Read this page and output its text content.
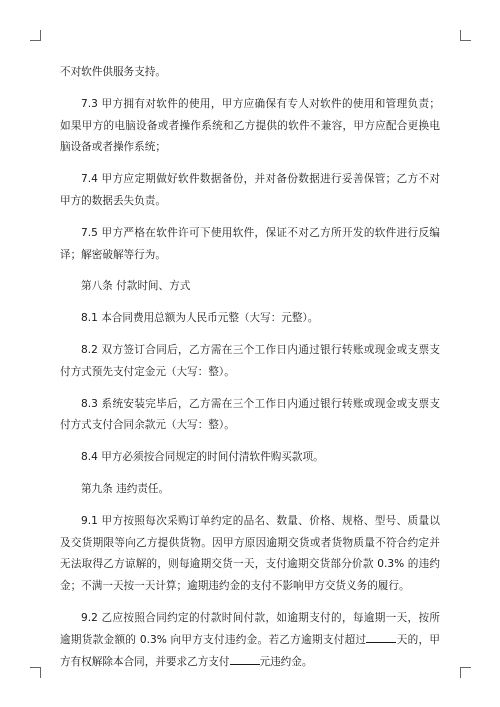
不对软件供服务支持。

7.3 甲方拥有对软件的使用，甲方应确保有专人对软件的使用和管理负责；如果甲方的电脑设备或者操作系统和乙方提供的软件不兼容，甲方应配合更换电脑设备或者操作系统；

7.4 甲方应定期做好软件数据备份，并对备份数据进行妥善保管；乙方不对甲方的数据丢失负责。

7.5 甲方严格在软件许可下使用软件，保证不对乙方所开发的软件进行反编译；解密破解等行为。

第八条 付款时间、方式

8.1 本合同费用总额为人民币元整（大写：元整）。

8.2 双方签订合同后，乙方需在三个工作日内通过银行转账或现金或支票支付方式预先支付定金元（大写：整）。

8.3 系统安装完毕后，乙方需在三个工作日内通过银行转账或现金或支票支付方式支付合同余款元（大写：整）。

8.4 甲方必须按合同规定的时间付清软件购买款项。

第九条 违约责任。

9.1 甲方按照每次采购订单约定的品名、数量、价格、规格、型号、质量以及交货期限等向乙方提供货物。因甲方原因逾期交货或者货物质量不符合约定并无法取得乙方谅解的，则每逾期交货一天，支付逾期交货部分价款 0.3% 的违约金；不满一天按一天计算；逾期违约金的支付不影响甲方交货义务的履行。

9.2 乙应按照合同约定的付款时间付款，如逾期支付的，每逾期一天，按所逾期货款金额的 0.3% 向甲方支付违约金。若乙方逾期支付超过	天的，甲方有权解除本合同，并要求乙方支付	元违约金。
